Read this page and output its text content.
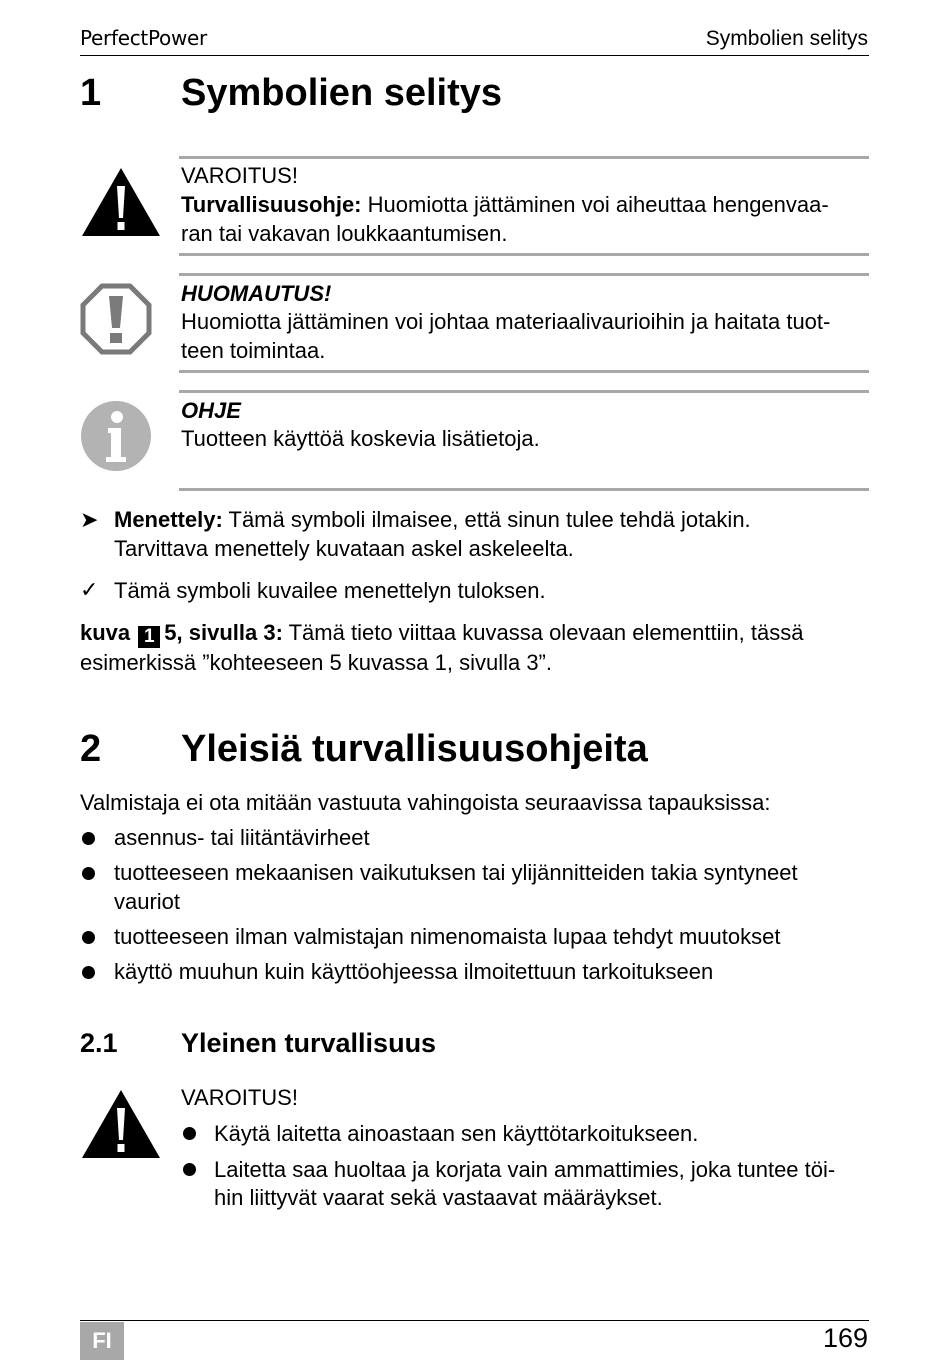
PerfectPower	Symbolien selitys
1 Symbolien selitys
VAROITUS!
Turvallisuusohje: Huomiotta jättäminen voi aiheuttaa hengenvaa-
ran tai vakavan loukkaantumisen.
HUOMAUTUS!
Huomiotta jättäminen voi johtaa materiaalivaurioihin ja haitata tuot-
teen toimintaa.
OHJE
Tuotteen käyttöä koskevia lisätietoja.
➤ Menettely: Tämä symboli ilmaisee, että sinun tulee tehdä jotakin.
Tarvittava menettely kuvataan askel askeleelta.
✓ Tämä symboli kuvailee menettelyn tuloksen.
kuva 1 5, sivulla 3: Tämä tieto viittaa kuvassa olevaan elementtiin, tässä
esimerkissä ”kohteeseen 5 kuvassa 1, sivulla 3”.
2 Yleisiä turvallisuusohjeita
Valmistaja ei ota mitään vastuuta vahingoista seuraavissa tapauksissa:
asennus- tai liitäntävirheet
tuotteeseen mekaanisen vaikutuksen tai ylijännitteiden takia syntyneet
vauriot
tuotteeseen ilman valmistajan nimenomaista lupaa tehdyt muutokset
käyttö muuhun kuin käyttöohjeessa ilmoitettuun tarkoitukseen
2.1 Yleinen turvallisuus
VAROITUS!
Käytä laitetta ainoastaan sen käyttötarkoitukseen.
Laitetta saa huoltaa ja korjata vain ammattimies, joka tuntee töi-
hin liittyvät vaarat sekä vastaavat määräykset.
FI	169
